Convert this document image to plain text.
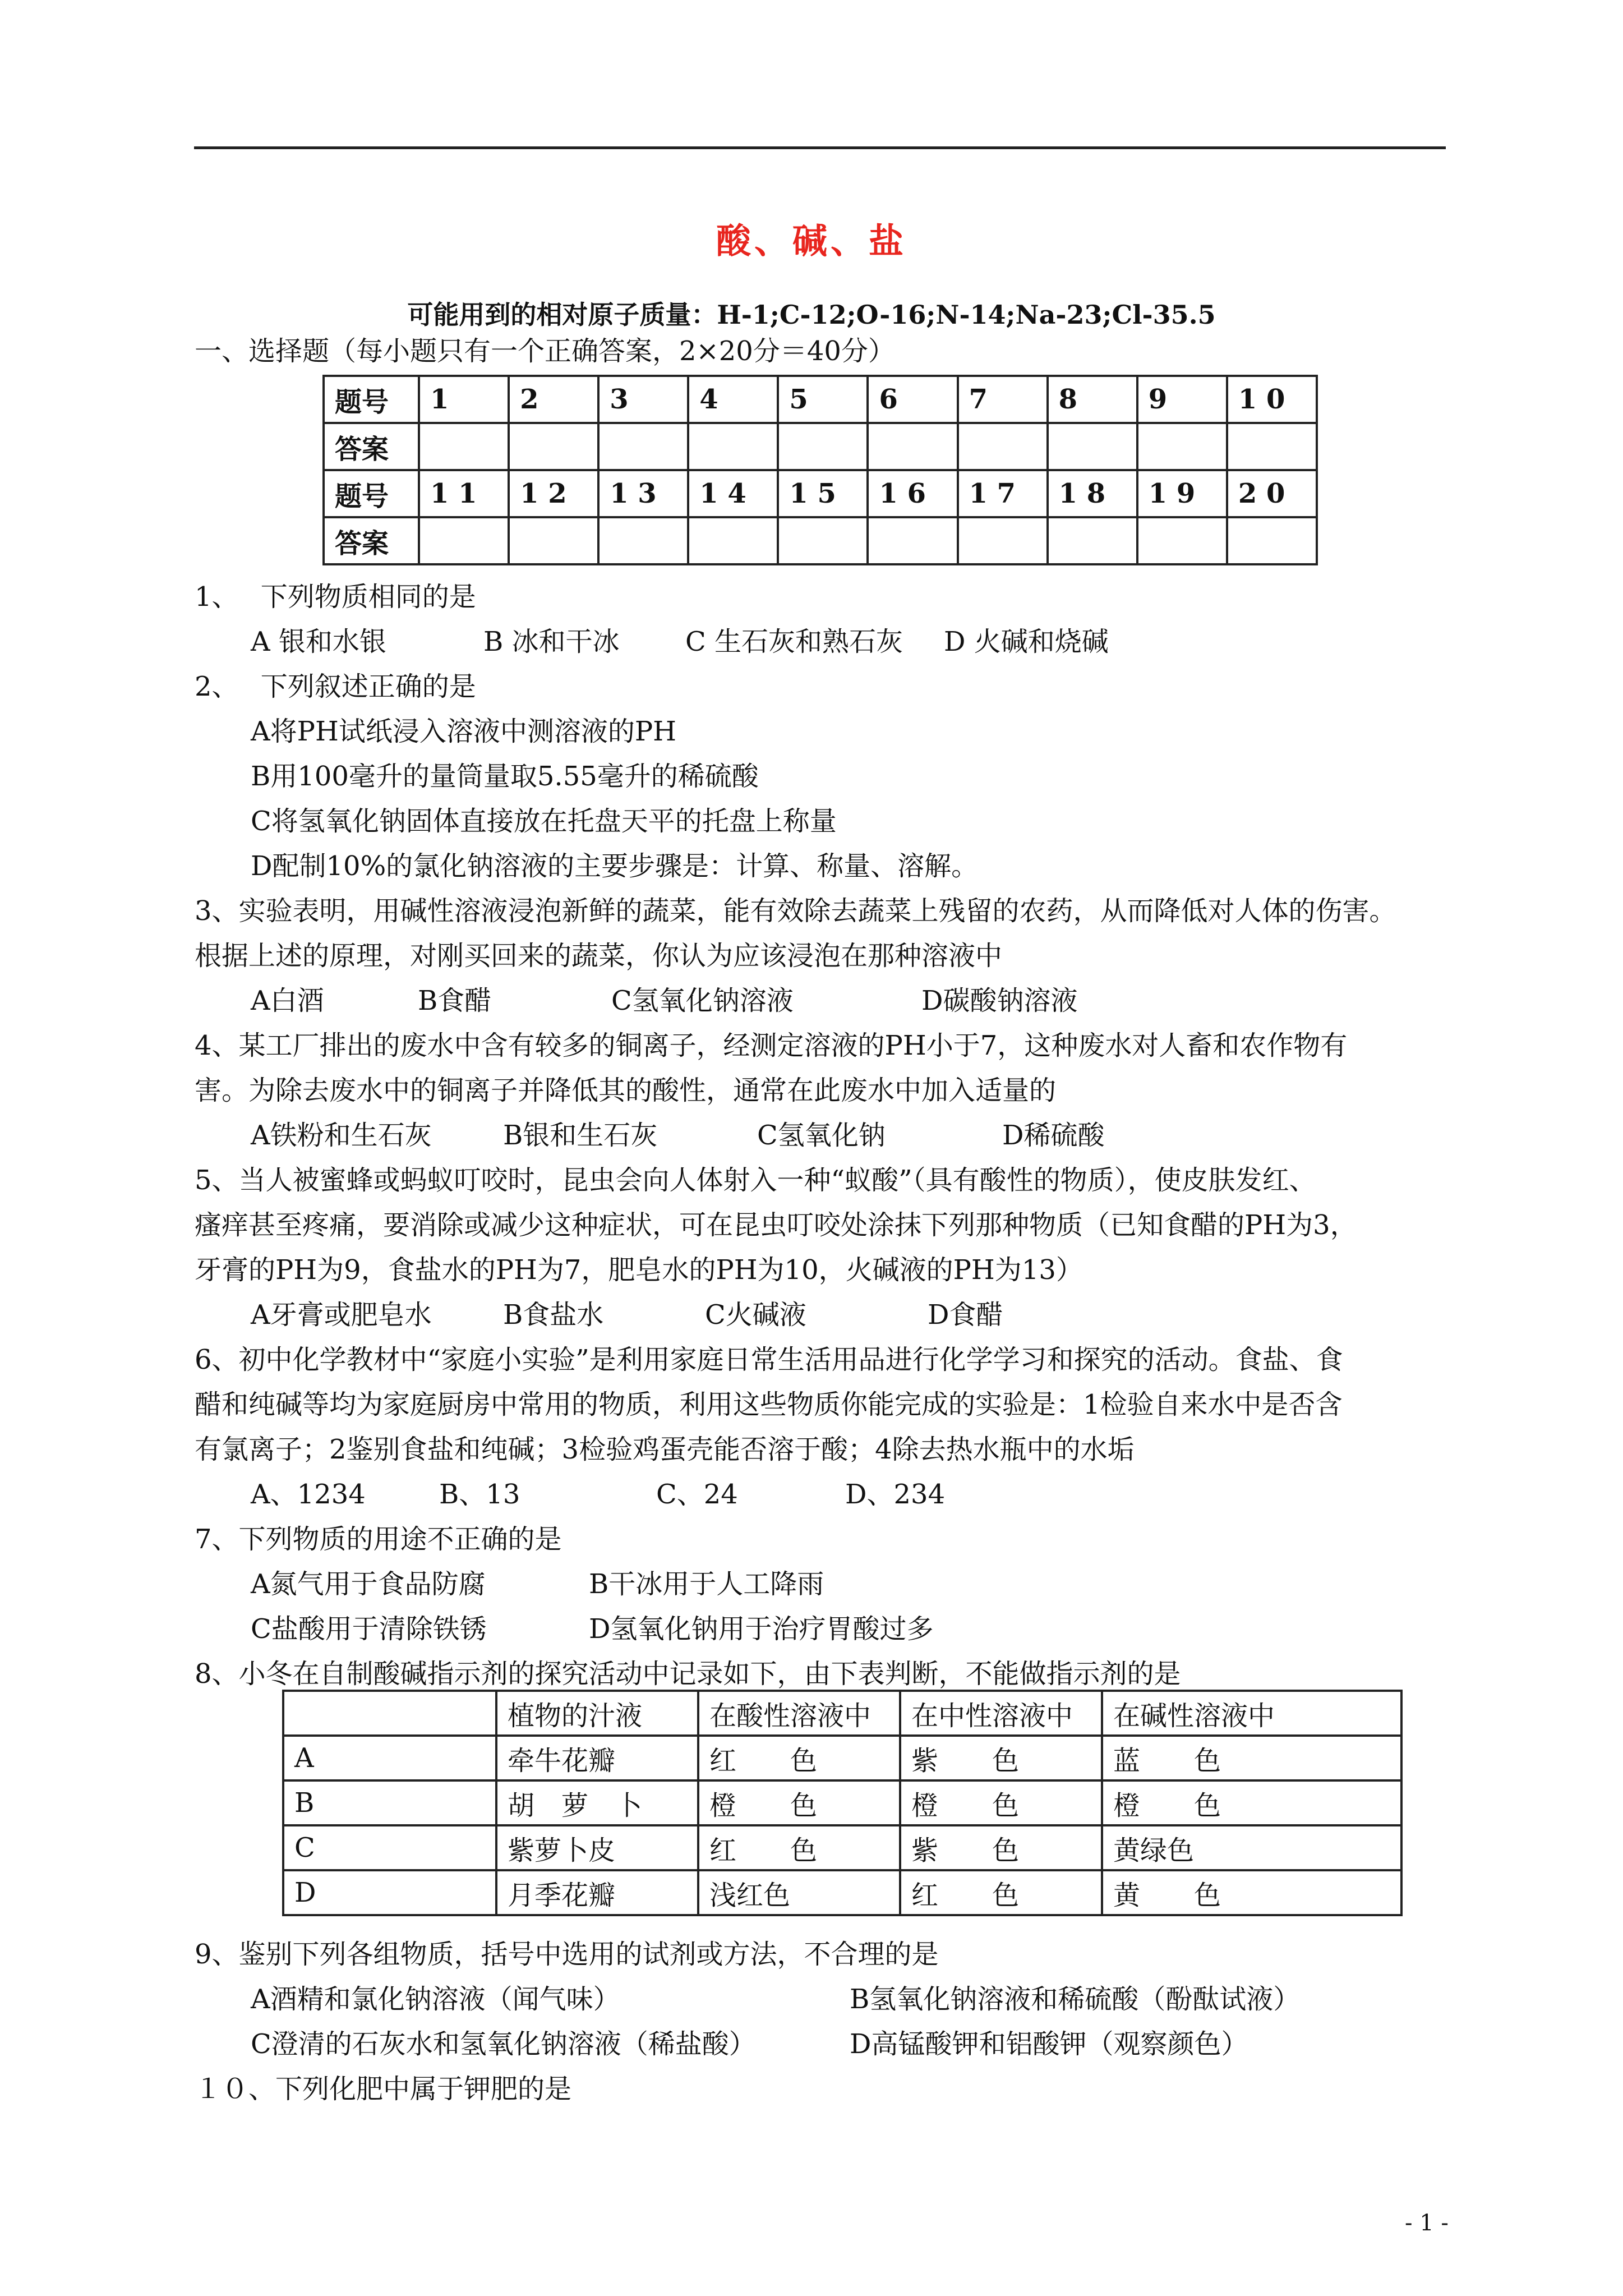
酸、碱、盐
可能用到的相对原子质量：H-1;C-12;O-16;N-14;Na-23;Cl-35.5
一、选择题（每小题只有一个正确答案，2×20分＝40分）
题号	1	2	3	4	5	6	7	8	9	1 0
答案										
题号	1 1	1 2	1 3	1 4	1 5	1 6	1 7	1 8	1 9	2 0
答案										
1、　 下列物质相同的是
A 银和水银	B 冰和干冰 C 生石灰和熟石灰 D 火碱和烧碱
2、　 下列叙述正确的是
A将PH试纸浸入溶液中测溶液的PH
B用100毫升的量筒量取5.55毫升的稀硫酸
C将氢氧化钠固体直接放在托盘天平的托盘上称量
D配制10%的氯化钠溶液的主要步骤是：计算、称量、溶解。
3、实验表明，用碱性溶液浸泡新鲜的蔬菜，能有效除去蔬菜上残留的农药，从而降低对人体的伤害。
根据上述的原理，对刚买回来的蔬菜，你认为应该浸泡在那种溶液中
A白酒	B食醋	C氢氧化钠溶液	D碳酸钠溶液
4、某工厂排出的废水中含有较多的铜离子，经测定溶液的PH小于7，这种废水对人畜和农作物有
害。为除去废水中的铜离子并降低其的酸性，通常在此废水中加入适量的
A铁粉和生石灰	B银和生石灰	C氢氧化钠	D稀硫酸
5、当人被蜜蜂或蚂蚁叮咬时，昆虫会向人体射入一种“蚁酸”（具有酸性的物质），使皮肤发红、
瘙痒甚至疼痛，要消除或减少这种症状，可在昆虫叮咬处涂抹下列那种物质（已知食醋的PH为3，
牙膏的PH为9，食盐水的PH为7，肥皂水的PH为10，火碱液的PH为13）
A牙膏或肥皂水	B食盐水	C火碱液	D食醋
6、初中化学教材中“家庭小实验”是利用家庭日常生活用品进行化学学习和探究的活动。食盐、食
醋和纯碱等均为家庭厨房中常用的物质，利用这些物质你能完成的实验是：1检验自来水中是否含
有氯离子；2鉴别食盐和纯碱；3检验鸡蛋壳能否溶于酸；4除去热水瓶中的水垢
A、1234	B、13	C、24	D、234
7、下列物质的用途不正确的是
A氮气用于食品防腐	B干冰用于人工降雨
C盐酸用于清除铁锈	D氢氧化钠用于治疗胃酸过多
8、小冬在自制酸碱指示剂的探究活动中记录如下，由下表判断，不能做指示剂的是
	植物的汁液	在酸性溶液中	在中性溶液中	在碱性溶液中
A	牵牛花瓣	红　　色	紫　　色	蓝　　色
B	胡　萝　卜	橙　　色	橙　　色	橙　　色
C	紫萝卜皮	红　　色	紫　　色	黄绿色
D	月季花瓣	浅红色	红　　色	黄　　色
9、鉴别下列各组物质，括号中选用的试剂或方法，不合理的是
A酒精和氯化钠溶液（闻气味）	B氢氧化钠溶液和稀硫酸（酚酞试液）
C澄清的石灰水和氢氧化钠溶液（稀盐酸）	D高锰酸钾和铝酸钾（观察颜色）
１０、下列化肥中属于钾肥的是
- 1 -
